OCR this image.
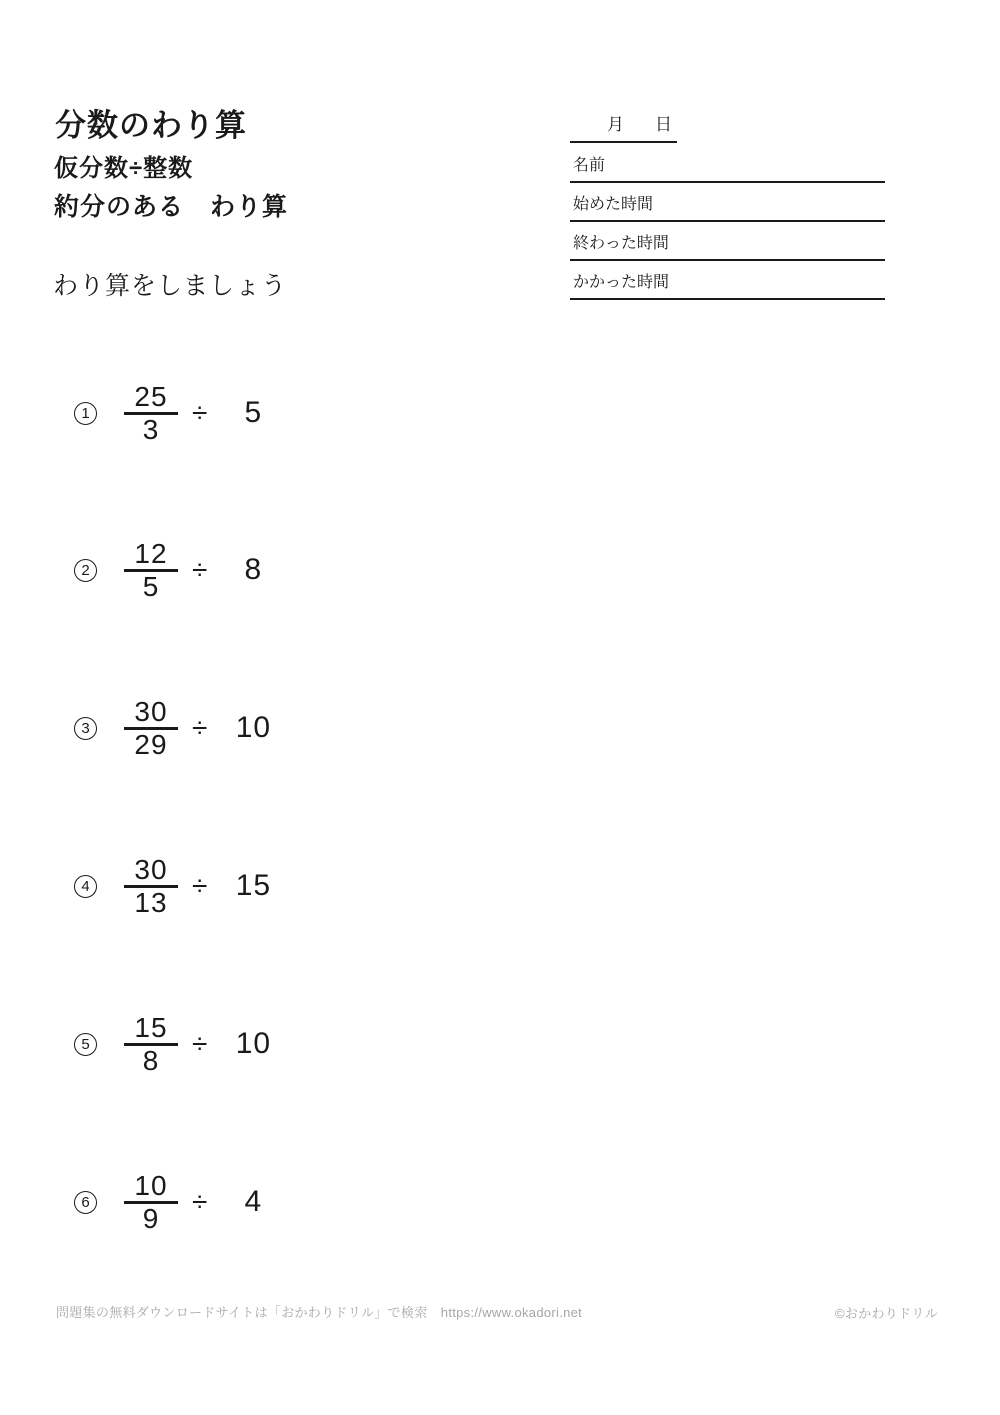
分数のわり算
仮分数÷整数
約分のある　わり算
わり算をしましょう
月 日
名前
始めた時間
終わった時間
かかった時間
$1 \frac{25}{3}$ ÷	5
$2 \frac{12}{5}$ ÷	8
$3 \frac{30}{29} \div 10$
$4 \frac{30}{13} \div 15$
$5 \frac{15}{8} \div 10$
$6 \frac{10}{9}$ ÷	4
問題集の無料ダウンロードサイトは「おかわりドリル」で検索　https://www.okadori.net	©おかわりドリル
